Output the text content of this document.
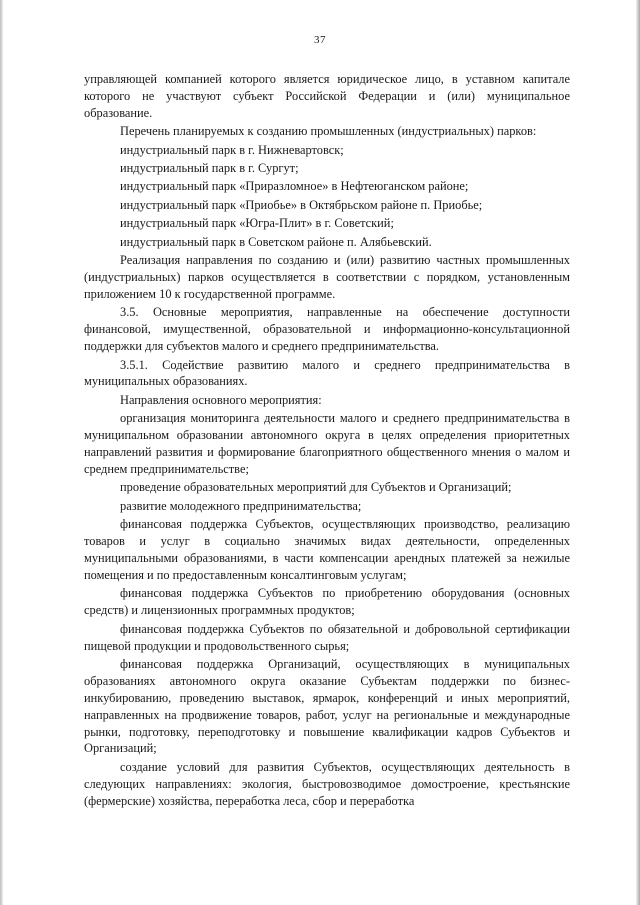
37

управляющей компанией которого является юридическое лицо, в уставном капитале которого не участвуют субъект Российской Федерации и (или) муниципальное образование.

Перечень планируемых к созданию промышленных (индустриальных) парков:

индустриальный парк в г. Нижневартовск;

индустриальный парк в г. Сургут;

индустриальный парк «Приразломное» в Нефтеюганском районе;

индустриальный парк «Приобье» в Октябрьском районе п. Приобье;

индустриальный парк «Югра-Плит» в г. Советский;

индустриальный парк в Советском районе п. Алябьевский.

Реализация направления по созданию и (или) развитию частных промышленных (индустриальных) парков осуществляется в соответствии с порядком, установленным приложением 10 к государственной программе.

3.5. Основные мероприятия, направленные на обеспечение доступности финансовой, имущественной, образовательной и информационно-консультационной поддержки для субъектов малого и среднего предпринимательства.

3.5.1. Содействие развитию малого и среднего предпринимательства в муниципальных образованиях.

Направления основного мероприятия:

организация мониторинга деятельности малого и среднего предпринимательства в муниципальном образовании автономного округа в целях определения приоритетных направлений развития и формирование благоприятного общественного мнения о малом и среднем предпринимательстве;

проведение образовательных мероприятий для Субъектов и Организаций;

развитие молодежного предпринимательства;

финансовая поддержка Субъектов, осуществляющих производство, реализацию товаров и услуг в социально значимых видах деятельности, определенных муниципальными образованиями, в части компенсации арендных платежей за нежилые помещения и по предоставленным консалтинговым услугам;

финансовая поддержка Субъектов по приобретению оборудования (основных средств) и лицензионных программных продуктов;

финансовая поддержка Субъектов по обязательной и добровольной сертификации пищевой продукции и продовольственного сырья;

финансовая поддержка Организаций, осуществляющих в муниципальных образованиях автономного округа оказание Субъектам поддержки по бизнес-инкубированию, проведению выставок, ярмарок, конференций и иных мероприятий, направленных на продвижение товаров, работ, услуг на региональные и международные рынки, подготовку, переподготовку и повышение квалификации кадров Субъектов и Организаций;

создание условий для развития Субъектов, осуществляющих деятельность в следующих направлениях: экология, быстровозводимое домостроение, крестьянские (фермерские) хозяйства, переработка леса, сбор и переработка
